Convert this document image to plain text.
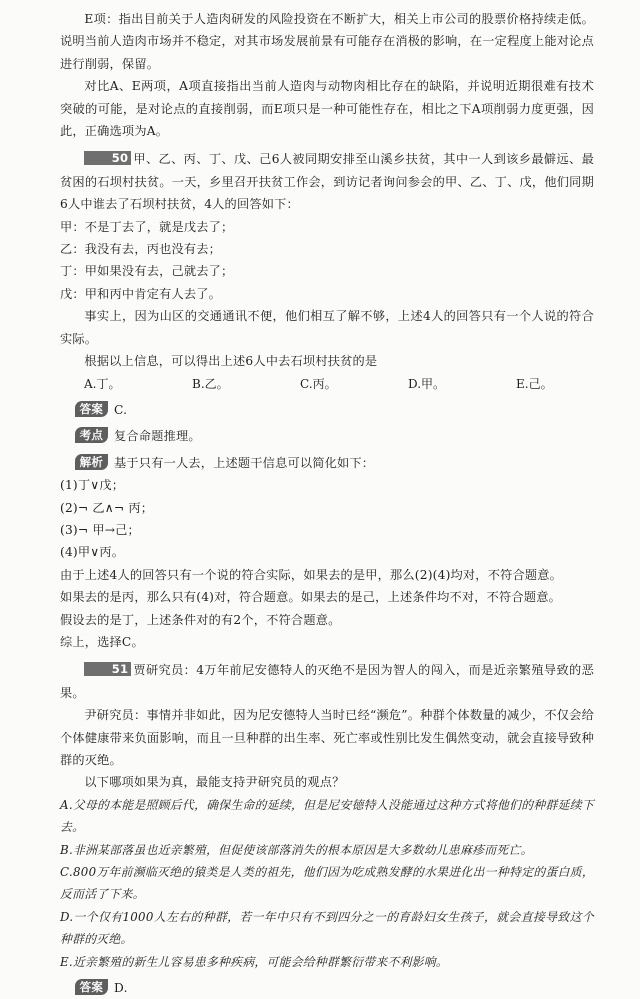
E项：指出目前关于人造肉研发的风险投资在不断扩大，相关上市公司的股票价格持续走低。说明当前人造肉市场并不稳定，对其市场发展前景有可能存在消极的影响，在一定程度上能对论点进行削弱，保留。

对比A、E两项，A项直接指出当前人造肉与动物肉相比存在的缺陷，并说明近期很难有技术突破的可能，是对论点的直接削弱，而E项只是一种可能性存在，相比之下A项削弱力度更强，因此，正确选项为A。

50 甲、乙、丙、丁、戊、己6人被同期安排至山溪乡扶贫，其中一人到该乡最僻远、最贫困的石坝村扶贫。一天，乡里召开扶贫工作会，到访记者询问参会的甲、乙、丁、戊，他们同期6人中谁去了石坝村扶贫，4人的回答如下：

甲：不是丁去了，就是戊去了；

乙：我没有去，丙也没有去；

丁：甲如果没有去，己就去了；

戊：甲和丙中肯定有人去了。

事实上，因为山区的交通通讯不便，他们相互了解不够，上述4人的回答只有一个人说的符合实际。

根据以上信息，可以得出上述6人中去石坝村扶贫的是

A.丁。	B.乙。	C.丙。	D.甲。	E.己。

答案 C.

考点 复合命题推理。

解析 基于只有一人去，上述题干信息可以简化如下：

(1)丁∨戊；

(2)¬ 乙∧¬ 丙；

(3)¬ 甲→己；

(4)甲∨丙。

由于上述4人的回答只有一个说的符合实际，如果去的是甲，那么(2)(4)均对，不符合题意。

如果去的是丙，那么只有(4)对，符合题意。如果去的是己，上述条件均不对，不符合题意。

假设去的是丁，上述条件对的有2个，不符合题意。

综上，选择C。

51 贾研究员：4万年前尼安德特人的灭绝不是因为智人的闯入，而是近亲繁殖导致的恶果。

尹研究员：事情并非如此，因为尼安德特人当时已经“濒危”。种群个体数量的减少，不仅会给个体健康带来负面影响，而且一旦种群的出生率、死亡率或性别比发生偶然变动，就会直接导致种群的灭绝。

以下哪项如果为真，最能支持尹研究员的观点？

A.父母的本能是照顾后代，确保生命的延续，但是尼安德特人没能通过这种方式将他们的种群延续下去。

B.非洲某部落虽也近亲繁殖，但促使该部落消失的根本原因是大多数幼儿患麻疹而死亡。

C.800万年前濒临灭绝的猿类是人类的祖先，他们因为吃成熟发酵的水果进化出一种特定的蛋白质，反而活了下来。

D.一个仅有1000人左右的种群，若一年中只有不到四分之一的育龄妇女生孩子，就会直接导致这个种群的灭绝。

E.近亲繁殖的新生儿容易患多种疾病，可能会给种群繁衍带来不利影响。

答案 D.
